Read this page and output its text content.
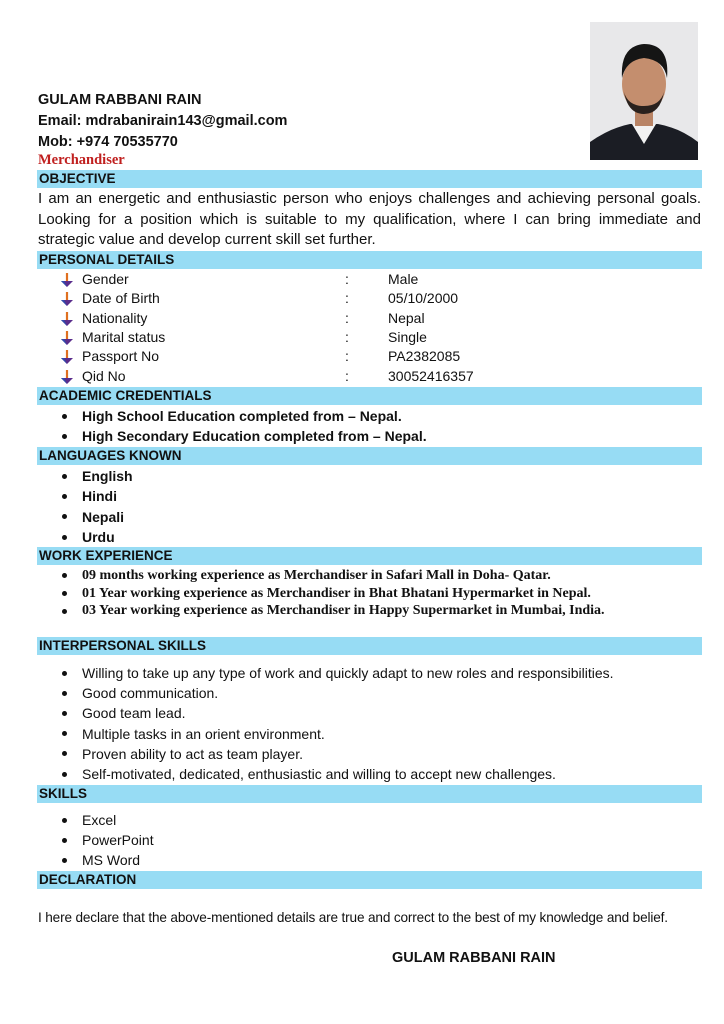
GULAM RABBANI RAIN
Email: mdrabanirain143@gmail.com
Mob: +974 70535770
Merchandiser
OBJECTIVE
I am an energetic and enthusiastic person who enjoys challenges and achieving personal goals. Looking for a position which is suitable to my qualification, where I can bring immediate and strategic value and develop current skill set further.
PERSONAL DETAILS
Gender	:	Male
Date of Birth	:	05/10/2000
Nationality	:	Nepal
Marital status	:	Single
Passport No	:	PA2382085
Qid No	:	30052416357
ACADEMIC CREDENTIALS
High School Education completed from – Nepal.
High Secondary Education completed from – Nepal.
LANGUAGES KNOWN
English
Hindi
Nepali
Urdu
WORK EXPERIENCE
09 months working experience as Merchandiser in Safari Mall in Doha- Qatar.
01 Year working experience as Merchandiser in Bhat Bhatani Hypermarket in Nepal.
03 Year working experience as Merchandiser in Happy Supermarket in Mumbai, India.
INTERPERSONAL SKILLS
Willing to take up any type of work and quickly adapt to new roles and responsibilities.
Good communication.
Good team lead.
Multiple tasks in an orient environment.
Proven ability to act as team player.
Self-motivated, dedicated, enthusiastic and willing to accept new challenges.
SKILLS
Excel
PowerPoint
MS Word
DECLARATION
I here declare that the above-mentioned details are true and correct to the best of my knowledge and belief.
GULAM RABBANI RAIN
